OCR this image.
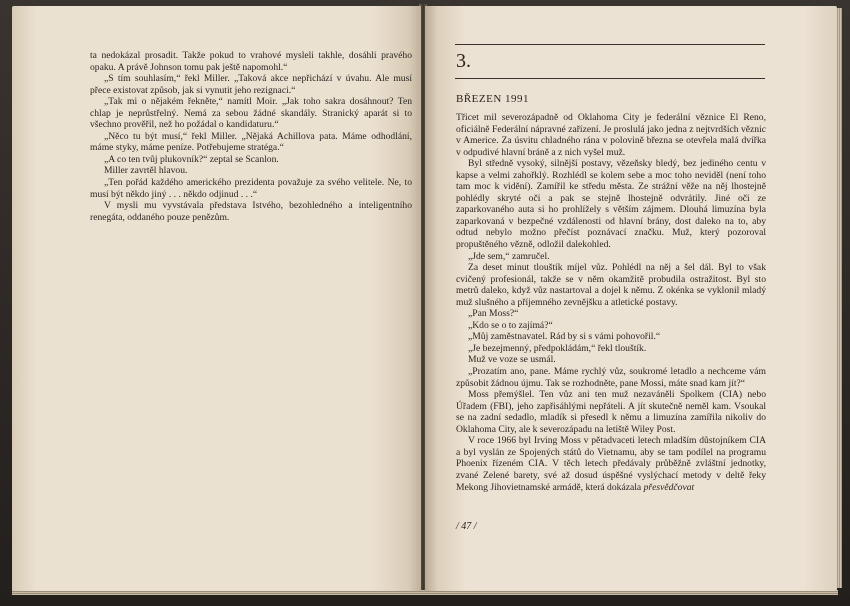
ta nedokázal prosadit. Takže pokud to vrahové mysleli takhle, dosáhli pravého opaku. A právě Johnson tomu pak ještě napomohl.“

„S tím souhlasím,“ řekl Miller. „Taková akce nepřichází v úvahu. Ale musí přece existovat způsob, jak si vynutit jeho rezignaci.“

„Tak mi o nějakém řekněte,“ namítl Moir. „Jak toho sakra dosáhnout? Ten chlap je neprůstřelný. Nemá za sebou žádné skandály. Stranický aparát si to všechno prověřil, než ho požádal o kandidaturu.“

„Něco tu být musí,“ řekl Miller. „Nějaká Achillova pata. Máme odhodlání, máme styky, máme peníze. Potřebujeme stratéga.“

„A co ten tvůj plukovník?“ zeptal se Scanlon.

Miller zavrtěl hlavou.

„Ten pořád každého amerického prezidenta považuje za svého velitele. Ne, to musí být někdo jiný . . . někdo odjinud . . .“

V mysli mu vyvstávala představa Istvého, bezohledného a inteligentního renegáta, oddaného pouze penězům.

3.
BŘEZEN 1991

Třicet mil severozápadně od Oklahoma City je federální věznice El Reno, oficiálně Federální nápravné zařízení. Je proslulá jako jedna z nejtvrdších věznic v Americe. Za úsvitu chladného rána v polovině března se otevřela malá dvířka v odpudivé hlavní bráně a z nich vyšel muž.

Byl středně vysoký, silnější postavy, vězeňsky bledý, bez jediného centu v kapse a velmi zahořklý. Rozhlédl se kolem sebe a moc toho neviděl (není toho tam moc k vidění). Zamířil ke středu města. Ze strážní věže na něj lhostejně pohlédly skryté oči a pak se stejně lhostejně odvrátily. Jiné oči ze zaparkovaného auta si ho prohlížely s větším zájmem. Dlouhá limuzína byla zaparkovaná v bezpečné vzdálenosti od hlavní brány, dost daleko na to, aby odtud nebylo možno přečíst poznávací značku. Muž, který pozoroval propuštěného vězně, odložil dalekohled.

„Jde sem,“ zamručel.

Za deset minut tlouštík míjel vůz. Pohlédl na něj a šel dál. Byl to však cvičený profesionál, takže se v něm okamžitě probudila ostražitost. Byl sto metrů daleko, když vůz nastartoval a dojel k němu. Z okénka se vyklonil mladý muž slušného a příjemného zevnějšku a atletické postavy.

„Pan Moss?“

„Kdo se o to zajímá?“

„Můj zaměstnavatel. Rád by si s vámi pohovořil.“

„Je bezejmenný, předpokládám,“ řekl tlouštík.

Muž ve voze se usmál.

„Prozatím ano, pane. Máme rychlý vůz, soukromé letadlo a nechceme vám způsobit žádnou újmu. Tak se rozhodněte, pane Mossi, máte snad kam jít?“

Moss přemýšlel. Ten vůz ani ten muž nezaváněli Spolkem (CIA) nebo Úřadem (FBI), jeho zapřisáhlými nepřáteli. A jít skutečně neměl kam. Vsoukal se na zadní sedadlo, mladík si přesedl k němu a limuzína zamířila nikoliv do Oklahoma City, ale k severozápadu na letiště Wiley Post.

V roce 1966 byl Irving Moss v pětadvaceti letech mladším důstojníkem CIA a byl vyslán ze Spojených států do Vietnamu, aby se tam podílel na programu Phoenix řízeném CIA. V těch letech předávaly průběžně zvláštní jednotky, zvané Zelené barety, své až dosud úspěšné vyslýchací metody v deltě řeky Mekong Jihovietnamské armádě, která dokázala přesvědčovat

/ 47 /
